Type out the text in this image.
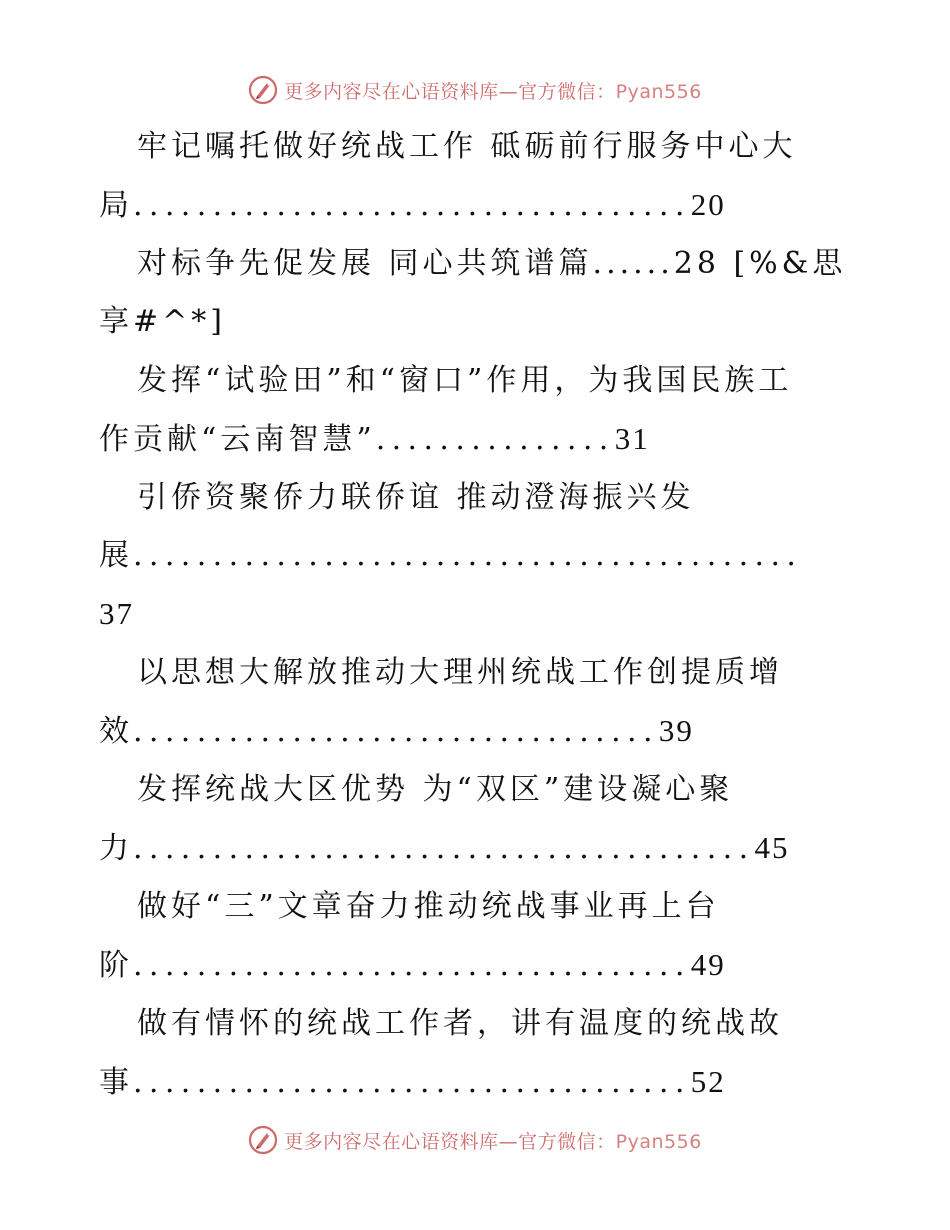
更多内容尽在心语资料库—官方微信：Pyan556
牢记嘱托做好统战工作 砥砺前行服务中心大
局...................................20
对标争先促发展 同心共筑谱篇......28 [%&思
享#^*]
发挥“试验田”和“窗口”作用，为我国民族工
作贡献“云南智慧”...............31
引侨资聚侨力联侨谊 推动澄海振兴发
展..........................................
37
以思想大解放推动大理州统战工作创提质增
效.................................39
发挥统战大区优势 为“双区”建设凝心聚
力.......................................45
做好“三”文章奋力推动统战事业再上台
阶...................................49
做有情怀的统战工作者，讲有温度的统战故
事...................................52
更多内容尽在心语资料库—官方微信：Pyan556
